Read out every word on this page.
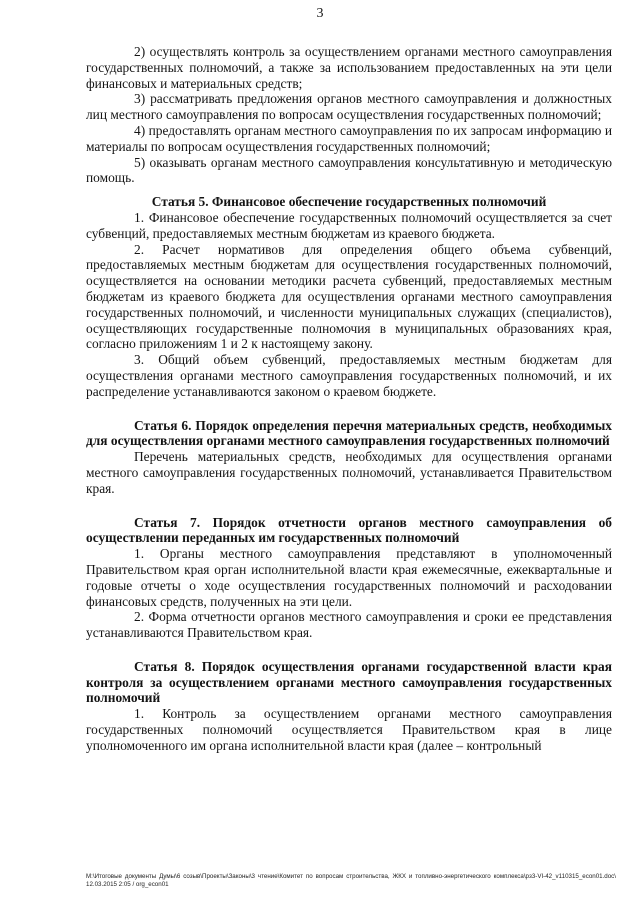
3

2) осуществлять контроль за осуществлением органами местного самоуправления государственных полномочий, а также за использованием предоставленных на эти цели финансовых и материальных средств;

3) рассматривать предложения органов местного самоуправления и должностных лиц местного самоуправления по вопросам осуществления государственных полномочий;

4) предоставлять органам местного самоуправления по их запросам информацию и материалы по вопросам осуществления государственных полномочий;

5) оказывать органам местного самоуправления консультативную и методическую помощь.

Статья 5. Финансовое обеспечение государственных полномочий

1. Финансовое обеспечение государственных полномочий осуществляется за счет субвенций, предоставляемых местным бюджетам из краевого бюджета.

2. Расчет нормативов для определения общего объема субвенций, предоставляемых местным бюджетам для осуществления государственных полномочий, осуществляется на основании методики расчета субвенций, предоставляемых местным бюджетам из краевого бюджета для осуществления органами местного самоуправления государственных полномочий, и численности муниципальных служащих (специалистов), осуществляющих государственные полномочия в муниципальных образованиях края, согласно приложениям 1 и 2 к настоящему закону.

3. Общий объем субвенций, предоставляемых местным бюджетам для осуществления органами местного самоуправления государственных полномочий, и их распределение устанавливаются законом о краевом бюджете.

Статья 6. Порядок определения перечня материальных средств, необходимых для осуществления органами местного самоуправления государственных полномочий

Перечень материальных средств, необходимых для осуществления органами местного самоуправления государственных полномочий, устанавливается Правительством края.

Статья 7. Порядок отчетности органов местного самоуправления об осуществлении переданных им государственных полномочий

1. Органы местного самоуправления представляют в уполномоченный Правительством края орган исполнительной власти края ежемесячные, ежеквартальные и годовые отчеты о ходе осуществления государственных полномочий и расходовании финансовых средств, полученных на эти цели.

2. Форма отчетности органов местного самоуправления и сроки ее представления устанавливаются Правительством края.

Статья 8. Порядок осуществления органами государственной власти края контроля за осуществлением органами местного самоуправления государственных полномочий

1. Контроль за осуществлением органами местного самоуправления государственных полномочий осуществляется Правительством края в лице уполномоченного им органа исполнительной власти края (далее – контрольный

M:\Итоговые документы Думы\6 созыв\Проекты\Законы\3 чтение\Комитет по вопросам строительства, ЖКХ и топливно-энергетического комплекса\pз3-VI-42_v110315_econ01.doc\ 12.03.2015 2:05 / org_econ01
